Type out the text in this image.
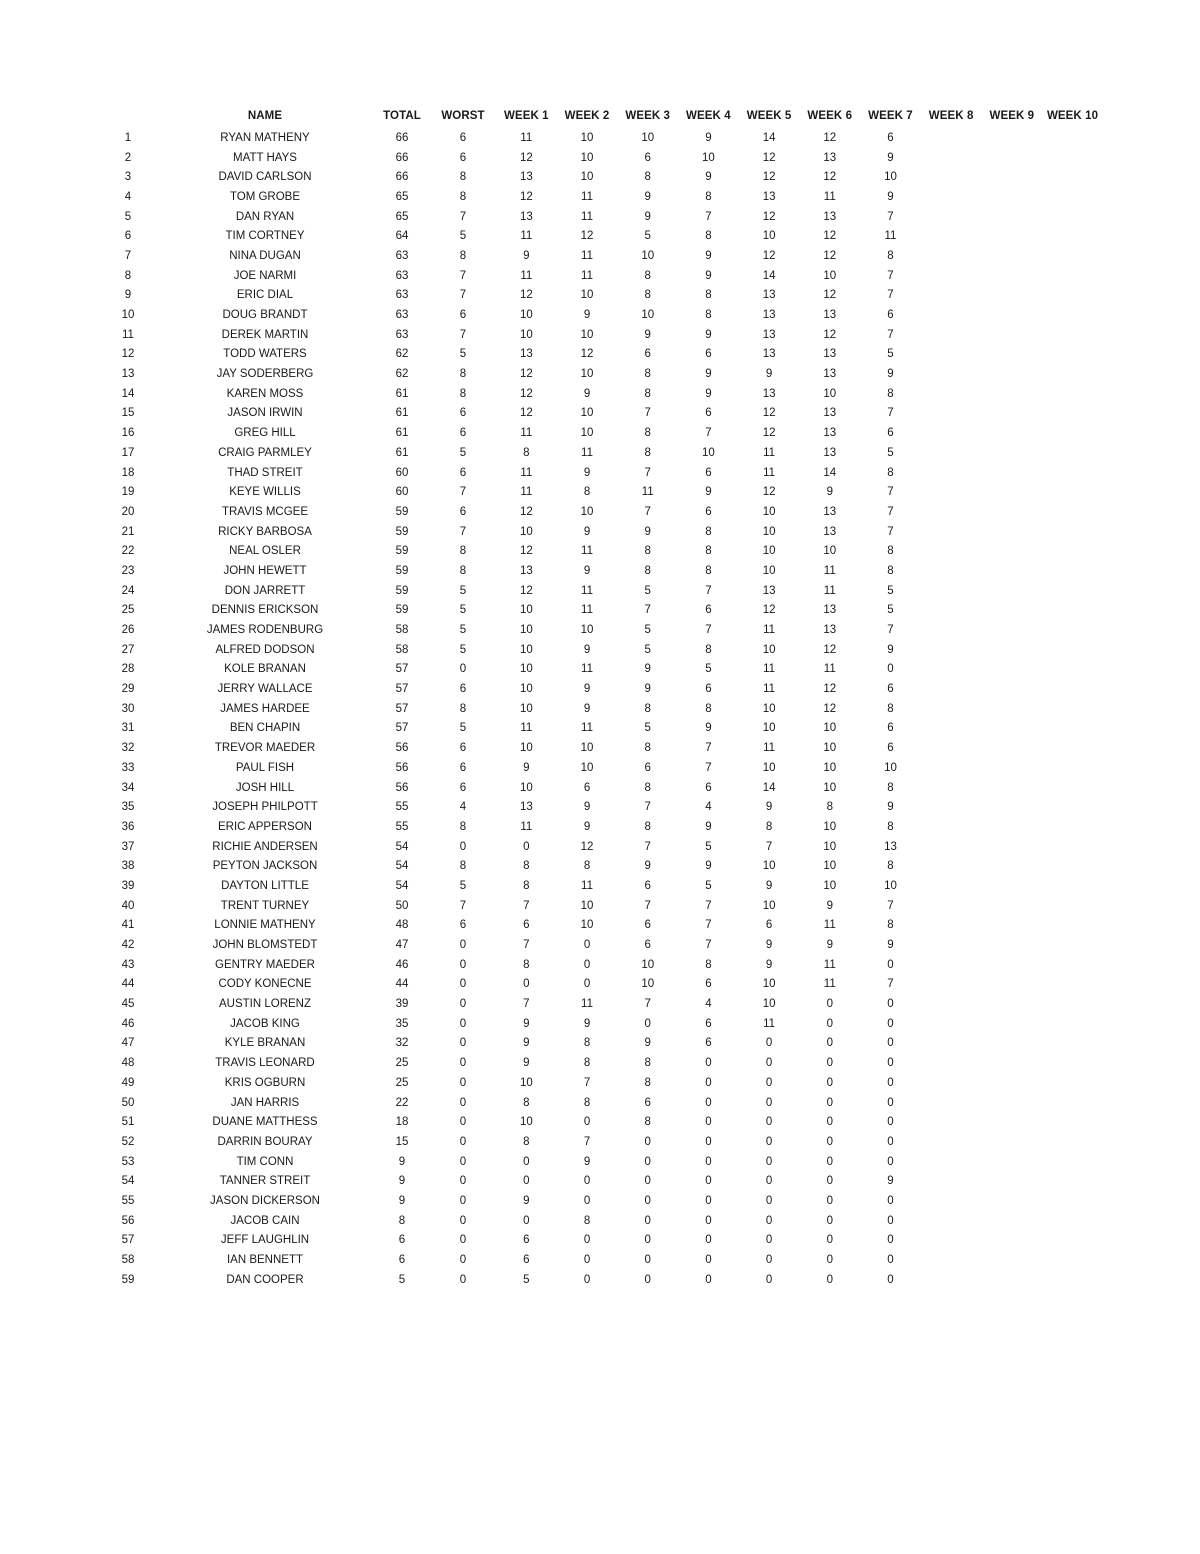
	NAME	TOTAL	WORST	WEEK 1	WEEK 2	WEEK 3	WEEK 4	WEEK 5	WEEK 6	WEEK 7	WEEK 8	WEEK 9	WEEK 10
1	RYAN MATHENY	66	6	11	10	10	9	14	12	6			
2	MATT HAYS	66	6	12	10	6	10	12	13	9			
3	DAVID CARLSON	66	8	13	10	8	9	12	12	10			
4	TOM GROBE	65	8	12	11	9	8	13	11	9			
5	DAN RYAN	65	7	13	11	9	7	12	13	7			
6	TIM CORTNEY	64	5	11	12	5	8	10	12	11			
7	NINA DUGAN	63	8	9	11	10	9	12	12	8			
8	JOE NARMI	63	7	11	11	8	9	14	10	7			
9	ERIC DIAL	63	7	12	10	8	8	13	12	7			
10	DOUG BRANDT	63	6	10	9	10	8	13	13	6			
11	DEREK MARTIN	63	7	10	10	9	9	13	12	7			
12	TODD WATERS	62	5	13	12	6	6	13	13	5			
13	JAY SODERBERG	62	8	12	10	8	9	9	13	9			
14	KAREN MOSS	61	8	12	9	8	9	13	10	8			
15	JASON IRWIN	61	6	12	10	7	6	12	13	7			
16	GREG HILL	61	6	11	10	8	7	12	13	6			
17	CRAIG PARMLEY	61	5	8	11	8	10	11	13	5			
18	THAD STREIT	60	6	11	9	7	6	11	14	8			
19	KEYE WILLIS	60	7	11	8	11	9	12	9	7			
20	TRAVIS MCGEE	59	6	12	10	7	6	10	13	7			
21	RICKY BARBOSA	59	7	10	9	9	8	10	13	7			
22	NEAL OSLER	59	8	12	11	8	8	10	10	8			
23	JOHN HEWETT	59	8	13	9	8	8	10	11	8			
24	DON JARRETT	59	5	12	11	5	7	13	11	5			
25	DENNIS ERICKSON	59	5	10	11	7	6	12	13	5			
26	JAMES RODENBURG	58	5	10	10	5	7	11	13	7			
27	ALFRED DODSON	58	5	10	9	5	8	10	12	9			
28	KOLE BRANAN	57	0	10	11	9	5	11	11	0			
29	JERRY WALLACE	57	6	10	9	9	6	11	12	6			
30	JAMES HARDEE	57	8	10	9	8	8	10	12	8			
31	BEN CHAPIN	57	5	11	11	5	9	10	10	6			
32	TREVOR MAEDER	56	6	10	10	8	7	11	10	6			
33	PAUL FISH	56	6	9	10	6	7	10	10	10			
34	JOSH HILL	56	6	10	6	8	6	14	10	8			
35	JOSEPH PHILPOTT	55	4	13	9	7	4	9	8	9			
36	ERIC APPERSON	55	8	11	9	8	9	8	10	8			
37	RICHIE ANDERSEN	54	0	0	12	7	5	7	10	13			
38	PEYTON JACKSON	54	8	8	8	9	9	10	10	8			
39	DAYTON LITTLE	54	5	8	11	6	5	9	10	10			
40	TRENT TURNEY	50	7	7	10	7	7	10	9	7			
41	LONNIE MATHENY	48	6	6	10	6	7	6	11	8			
42	JOHN BLOMSTEDT	47	0	7	0	6	7	9	9	9			
43	GENTRY MAEDER	46	0	8	0	10	8	9	11	0			
44	CODY KONECNE	44	0	0	0	10	6	10	11	7			
45	AUSTIN LORENZ	39	0	7	11	7	4	10	0	0			
46	JACOB KING	35	0	9	9	0	6	11	0	0			
47	KYLE BRANAN	32	0	9	8	9	6	0	0	0			
48	TRAVIS LEONARD	25	0	9	8	8	0	0	0	0			
49	KRIS OGBURN	25	0	10	7	8	0	0	0	0			
50	JAN HARRIS	22	0	8	8	6	0	0	0	0			
51	DUANE MATTHESS	18	0	10	0	8	0	0	0	0			
52	DARRIN BOURAY	15	0	8	7	0	0	0	0	0			
53	TIM CONN	9	0	0	9	0	0	0	0	0			
54	TANNER STREIT	9	0	0	0	0	0	0	0	9			
55	JASON DICKERSON	9	0	9	0	0	0	0	0	0			
56	JACOB CAIN	8	0	0	8	0	0	0	0	0			
57	JEFF LAUGHLIN	6	0	6	0	0	0	0	0	0			
58	IAN BENNETT	6	0	6	0	0	0	0	0	0			
59	DAN COOPER	5	0	5	0	0	0	0	0	0			
